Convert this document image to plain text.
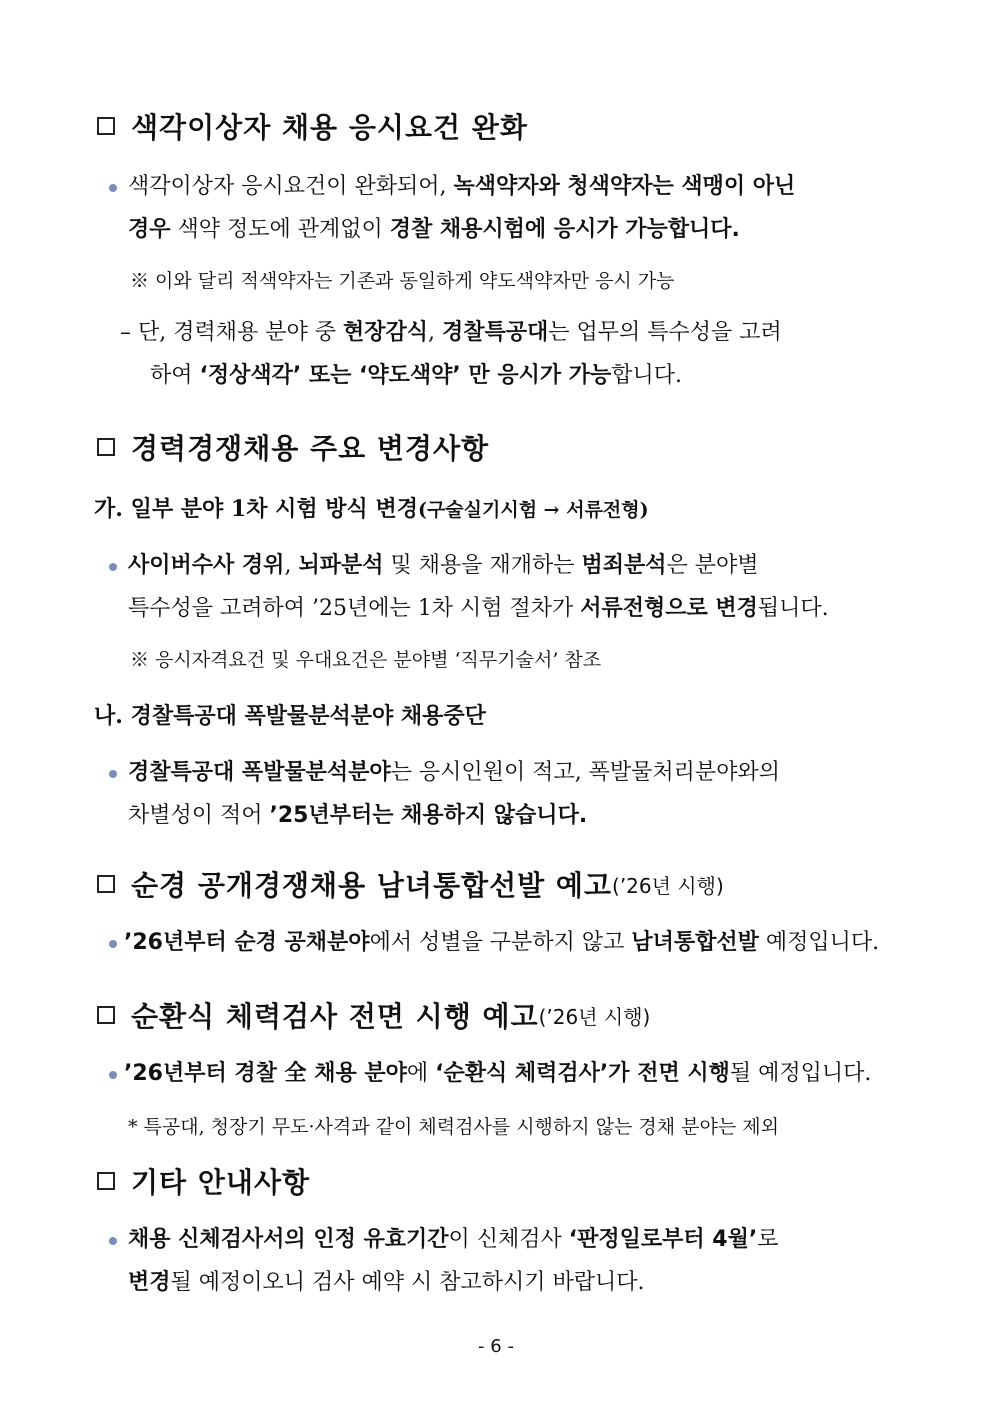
색각이상자 채용 응시요건 완화
색각이상자 응시요건이 완화되어, 녹색약자와 청색약자는 색맹이 아닌
경우 색약 정도에 관계없이 경찰 채용시험에 응시가 가능합니다.
※ 이와 달리 적색약자는 기존과 동일하게 약도색약자만 응시 가능
– 단, 경력채용 분야 중 현장감식, 경찰특공대는 업무의 특수성을 고려
하여 ‘정상색각’ 또는 ‘약도색약’ 만 응시가 가능합니다.
경력경쟁채용 주요 변경사항
가. 일부 분야 1차 시험 방식 변경(구술실기시험 → 서류전형)
사이버수사 경위, 뇌파분석 및 채용을 재개하는 범죄분석은 분야별
특수성을 고려하여 ’25년에는 1차 시험 절차가 서류전형으로 변경됩니다.
※ 응시자격요건 및 우대요건은 분야별 ‘직무기술서’ 참조
나. 경찰특공대 폭발물분석분야 채용중단
경찰특공대 폭발물분석분야는 응시인원이 적고, 폭발물처리분야와의
차별성이 적어 ’25년부터는 채용하지 않습니다.
순경 공개경쟁채용 남녀통합선발 예고 (’26년 시행)
’26년부터 순경 공채분야에서 성별을 구분하지 않고 남녀통합선발 예정입니다.
순환식 체력검사 전면 시행 예고 (’26년 시행)
’26년부터 경찰 全 채용 분야에 ‘순환식 체력검사’가 전면 시행될 예정입니다.
* 특공대, 청장기 무도·사격과 같이 체력검사를 시행하지 않는 경채 분야는 제외
기타 안내사항
채용 신체검사서의 인정 유효기간이 신체검사 ‘판정일로부터 4월’로
변경될 예정이오니 검사 예약 시 참고하시기 바랍니다.
- 6 -
